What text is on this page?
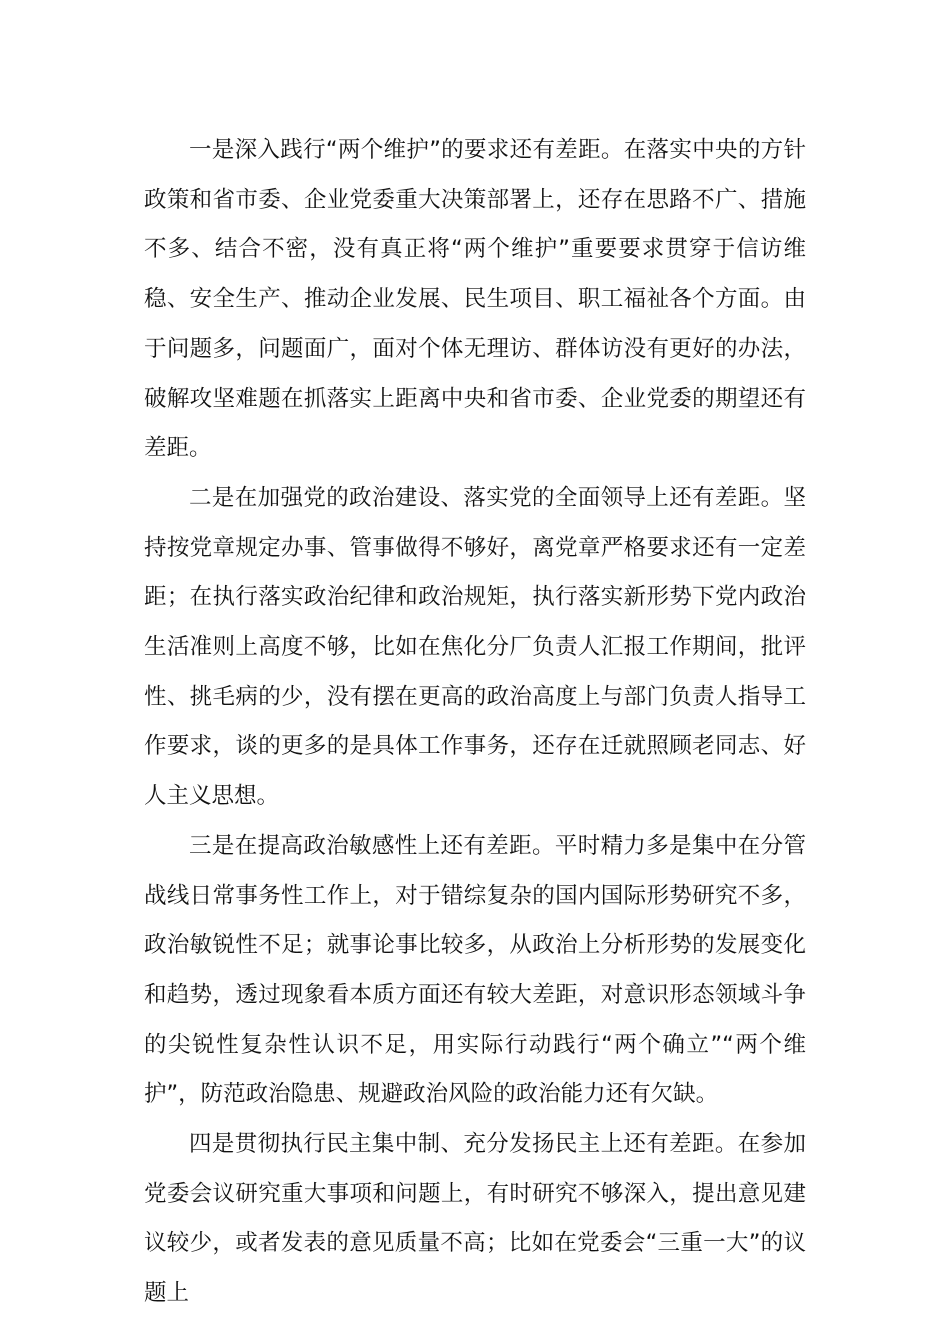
一是深入践行“两个维护”的要求还有差距。在落实中央的方针政策和省市委、企业党委重大决策部署上，还存在思路不广、措施不多、结合不密，没有真正将“两个维护”重要要求贯穿于信访维稳、安全生产、推动企业发展、民生项目、职工福祉各个方面。由于问题多，问题面广，面对个体无理访、群体访没有更好的办法，破解攻坚难题在抓落实上距离中央和省市委、企业党委的期望还有差距。

二是在加强党的政治建设、落实党的全面领导上还有差距。坚持按党章规定办事、管事做得不够好，离党章严格要求还有一定差距；在执行落实政治纪律和政治规矩，执行落实新形势下党内政治生活准则上高度不够，比如在焦化分厂负责人汇报工作期间，批评性、挑毛病的少，没有摆在更高的政治高度上与部门负责人指导工作要求，谈的更多的是具体工作事务，还存在迁就照顾老同志、好人主义思想。

三是在提高政治敏感性上还有差距。平时精力多是集中在分管战线日常事务性工作上，对于错综复杂的国内国际形势研究不多，政治敏锐性不足；就事论事比较多，从政治上分析形势的发展变化和趋势，透过现象看本质方面还有较大差距，对意识形态领域斗争的尖锐性复杂性认识不足，用实际行动践行“两个确立”“两个维护”，防范政治隐患、规避政治风险的政治能力还有欠缺。

四是贯彻执行民主集中制、充分发扬民主上还有差距。在参加党委会议研究重大事项和问题上，有时研究不够深入，提出意见建议较少，或者发表的意见质量不高；比如在党委会“三重一大”的议题上
